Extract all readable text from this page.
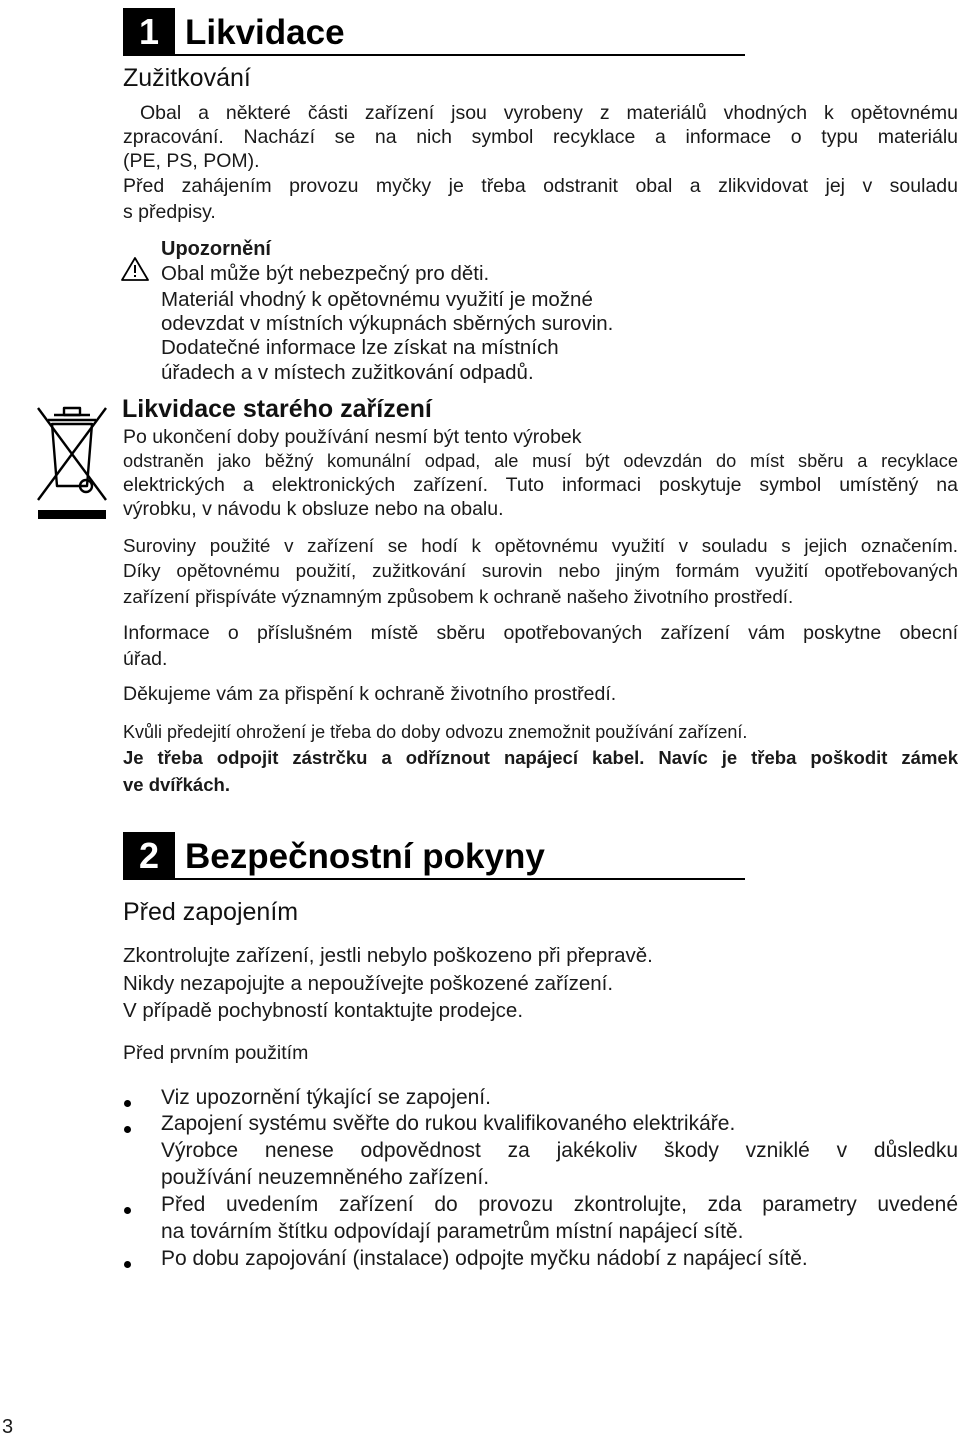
1 Likvidace
Zužitkování
Obal a některé části zařízení jsou vyrobeny z materiálů vhodných k opětovnému
zpracování. Nachází se na nich symbol recyklace a informace o typu materiálu
(PE, PS, POM).
Před zahájením provozu myčky je třeba odstranit obal a zlikvidovat jej v souladu
s předpisy.
Upozornění
Obal může být nebezpečný pro děti.
Materiál vhodný k opětovnému využití je možné
odevzdat v místních výkupnách sběrných surovin.
Dodatečné informace lze získat na místních
úřadech a v místech zužitkování odpadů.
Likvidace starého zařízení
Po ukončení doby používání nesmí být tento výrobek
odstraněn jako běžný komunální odpad, ale musí být odevzdán do míst sběru a recyklace
elektrických a elektronických zařízení. Tuto informaci poskytuje symbol umístěný na
výrobku, v návodu k obsluze nebo na obalu.
Suroviny použité v zařízení se hodí k opětovnému využití v souladu s jejich označením.
Díky opětovnému použití, zužitkování surovin nebo jiným formám využití opotřebovaných
zařízení přispíváte významným způsobem k ochraně našeho životního prostředí.
Informace o příslušném místě sběru opotřebovaných zařízení vám poskytne obecní
úřad.
Děkujeme vám za přispění k ochraně životního prostředí.
Kvůli předejití ohrožení je třeba do doby odvozu znemožnit používání zařízení.
Je třeba odpojit zástrčku a odříznout napájecí kabel. Navíc je třeba poškodit zámek
ve dvířkách.
2 Bezpečnostní pokyny
Před zapojením
Zkontrolujte zařízení, jestli nebylo poškozeno při přepravě.
Nikdy nezapojujte a nepoužívejte poškozené zařízení.
V případě pochybností kontaktujte prodejce.
Před prvním použitím
Viz upozornění týkající se zapojení.
Zapojení systému svěřte do rukou kvalifikovaného elektrikáře.
Výrobce nenese odpovědnost za jakékoliv škody vzniklé v důsledku
používání neuzemněného zařízení.
Před uvedením zařízení do provozu zkontrolujte, zda parametry uvedené
na továrním štítku odpovídají parametrům místní napájecí sítě.
Po dobu zapojování (instalace) odpojte myčku nádobí z napájecí sítě.
3
